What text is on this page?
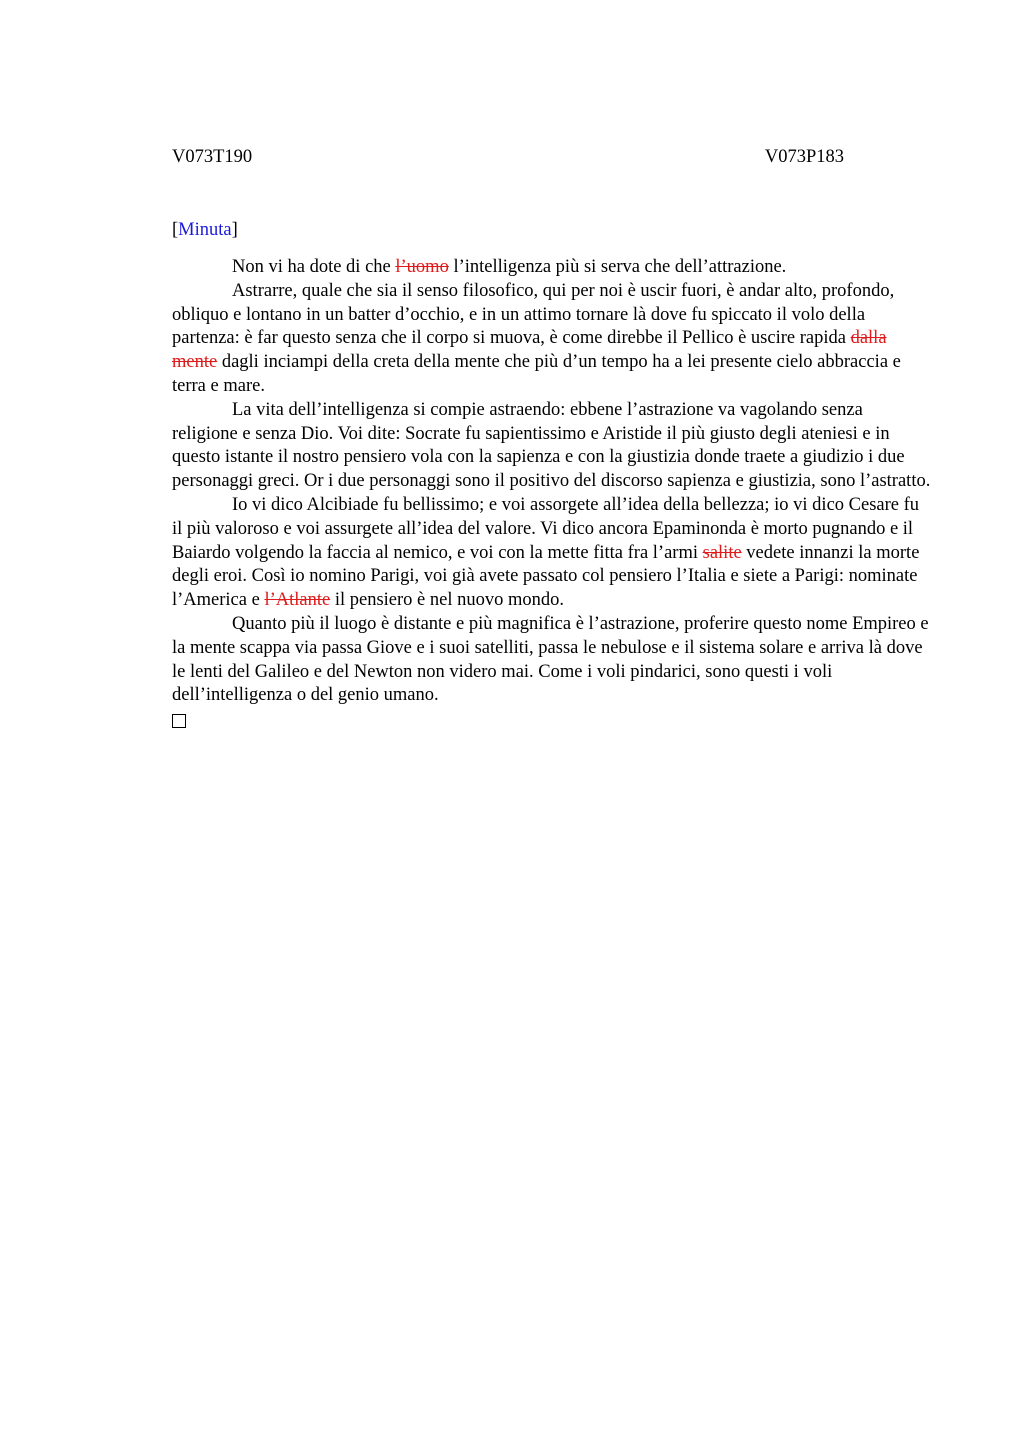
V073T190	V073P183
[Minuta]

Non vi ha dote di che l’uomo l’intelligenza più si serva che dell’attrazione.

Astrarre, quale che sia il senso filosofico, qui per noi è uscir fuori, è andar alto, profondo, obliquo e lontano in un batter d’occhio, e in un attimo tornare là dove fu spiccato il volo della partenza: è far questo senza che il corpo si muova, è come direbbe il Pellico è uscire rapida dalla mente dagli inciampi della creta della mente che più d’un tempo ha a lei presente cielo abbraccia e terra e mare.

La vita dell’intelligenza si compie astraendo: ebbene l’astrazione va vagolando senza religione e senza Dio. Voi dite: Socrate fu sapientissimo e Aristide il più giusto degli ateniesi e in questo istante il nostro pensiero vola con la sapienza e con la giustizia donde traete a giudizio i due personaggi greci. Or i due personaggi sono il positivo del discorso sapienza e giustizia, sono l’astratto.

Io vi dico Alcibiade fu bellissimo; e voi assorgete all’idea della bellezza; io vi dico Cesare fu il più valoroso e voi assurgete all’idea del valore. Vi dico ancora Epaminonda è morto pugnando e il Baiardo volgendo la faccia al nemico, e voi con la mette fitta fra l’armi salite vedete innanzi la morte degli eroi. Così io nomino Parigi, voi già avete passato col pensiero l’Italia e siete a Parigi: nominate l’America e l’Atlante il pensiero è nel nuovo mondo.

Quanto più il luogo è distante e più magnifica è l’astrazione, proferire questo nome Empireo e la mente scappa via passa Giove e i suoi satelliti, passa le nebulose e il sistema solare e arriva là dove le lenti del Galileo e del Newton non videro mai. Come i voli pindarici, sono questi i voli dell’intelligenza o del genio umano.
